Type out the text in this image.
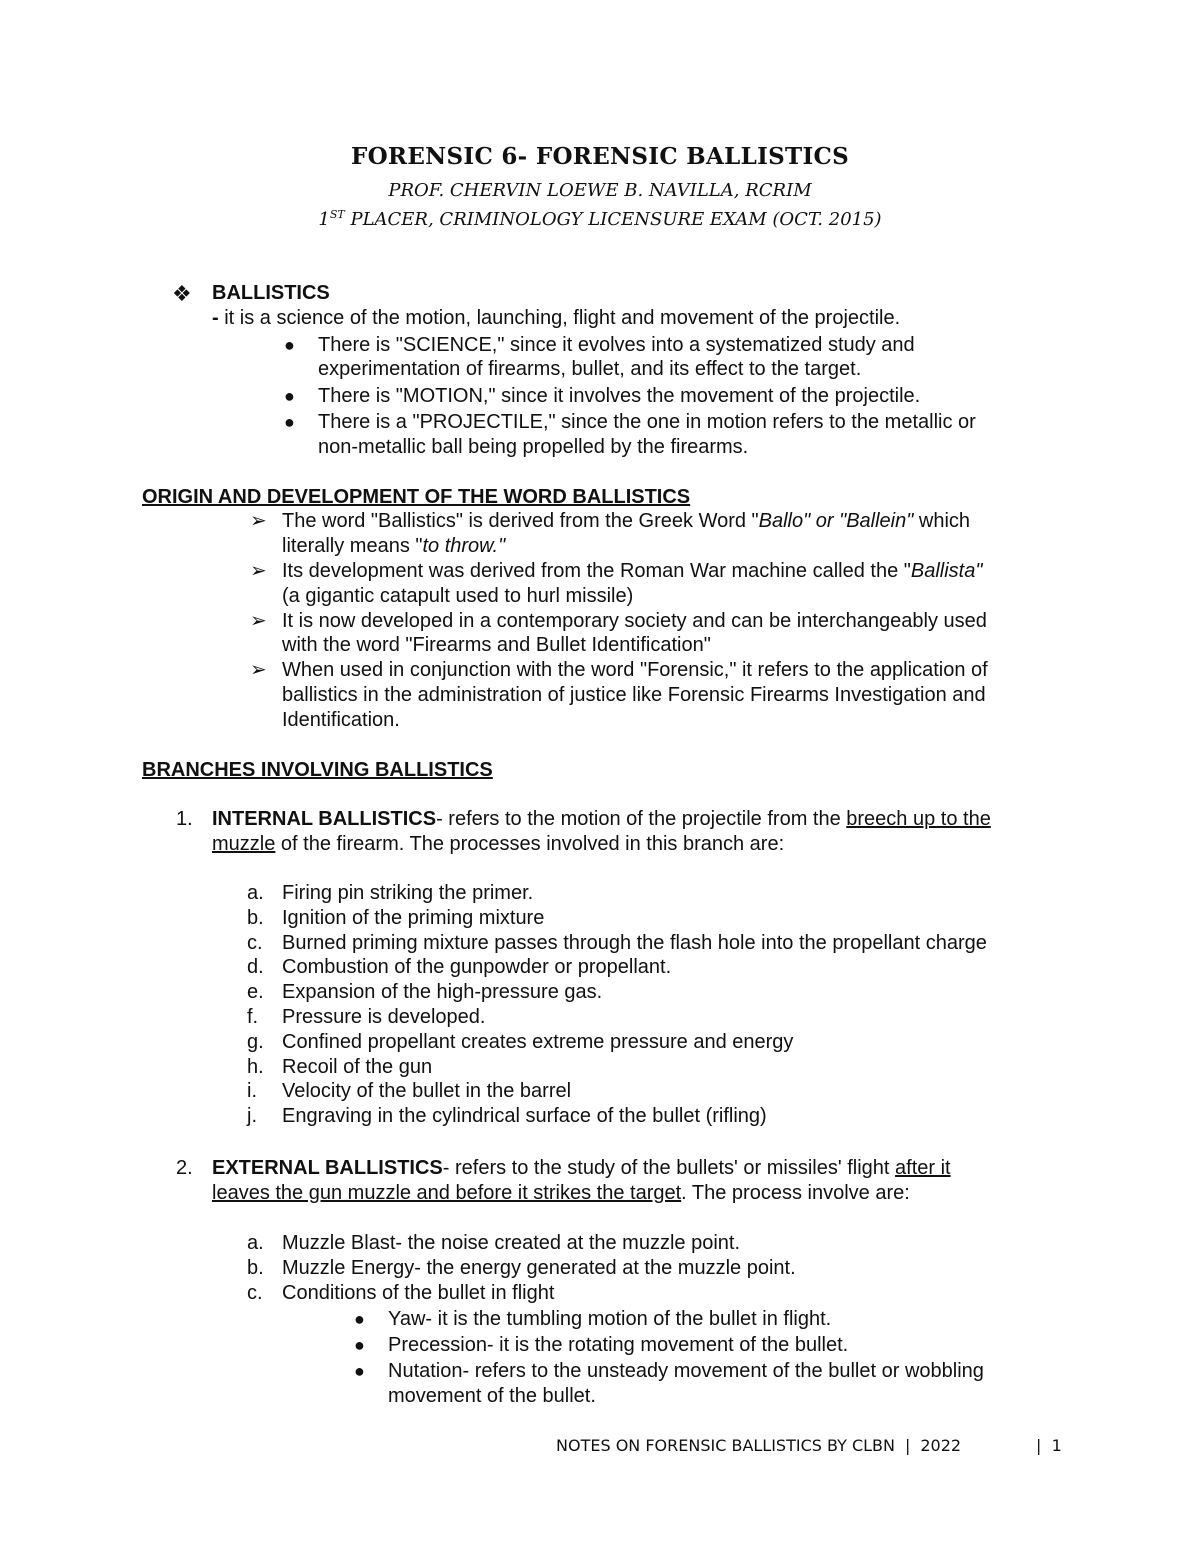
FORENSIC 6- FORENSIC BALLISTICS
PROF. CHERVIN LOEWE B. NAVILLA, RCRIM
1ST PLACER, CRIMINOLOGY LICENSURE EXAM (OCT. 2015)
❖ BALLISTICS
- it is a science of the motion, launching, flight and movement of the projectile.
● There is "SCIENCE," since it evolves into a systematized study and
experimentation of firearms, bullet, and its effect to the target.
● There is "MOTION," since it involves the movement of the projectile.
● There is a "PROJECTILE," since the one in motion refers to the metallic or
non-metallic ball being propelled by the firearms.
ORIGIN AND DEVELOPMENT OF THE WORD BALLISTICS
➢ The word "Ballistics" is derived from the Greek Word "Ballo" or "Ballein" which
literally means "to throw."
➢ Its development was derived from the Roman War machine called the "Ballista"
(a gigantic catapult used to hurl missile)
➢ It is now developed in a contemporary society and can be interchangeably used
with the word "Firearms and Bullet Identification"
➢ When used in conjunction with the word "Forensic," it refers to the application of
ballistics in the administration of justice like Forensic Firearms Investigation and
Identification.
BRANCHES INVOLVING BALLISTICS
1. INTERNAL BALLISTICS- refers to the motion of the projectile from the breech up to the
muzzle of the firearm. The processes involved in this branch are:
a. Firing pin striking the primer.
b. Ignition of the priming mixture
c. Burned priming mixture passes through the flash hole into the propellant charge
d. Combustion of the gunpowder or propellant.
e. Expansion of the high-pressure gas.
f. Pressure is developed.
g. Confined propellant creates extreme pressure and energy
h. Recoil of the gun
i. Velocity of the bullet in the barrel
j. Engraving in the cylindrical surface of the bullet (rifling)
2. EXTERNAL BALLISTICS- refers to the study of the bullets' or missiles' flight after it
leaves the gun muzzle and before it strikes the target. The process involve are:
a. Muzzle Blast- the noise created at the muzzle point.
b. Muzzle Energy- the energy generated at the muzzle point.
c. Conditions of the bullet in flight
● Yaw- it is the tumbling motion of the bullet in flight.
● Precession- it is the rotating movement of the bullet.
● Nutation- refers to the unsteady movement of the bullet or wobbling
movement of the bullet.
NOTES ON FORENSIC BALLISTICS BY CLBN | 2022	| 1
